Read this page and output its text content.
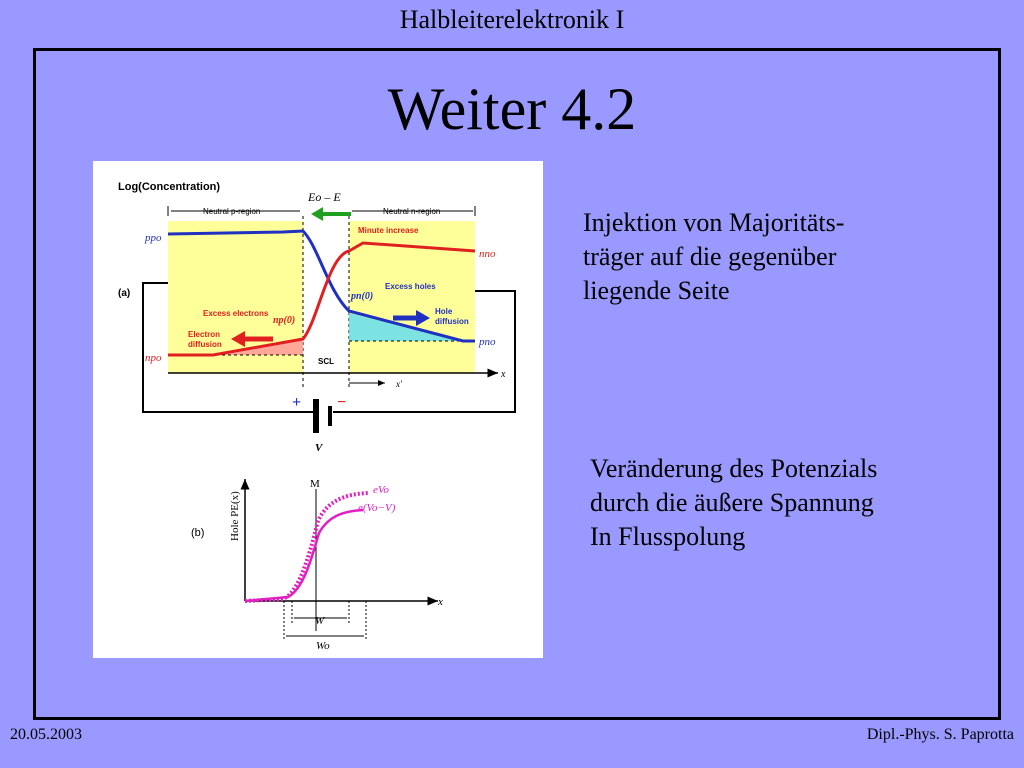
Halbleiterelektronik I
Weiter 4.2
(a)
Log(Concentration)
Eo – E
Neutral p-region	Neutral n-region
Minute increase
Excess electrons
Electron
diffusion
Excess holes
Hole
diffusion
ppo
npo
nno
pno
np(0)
pn(0)
SCL
x
x′
+ −
V
(b) Hole PE(x)
M	eVo
e(Vo−V)
x
W
Wo
Injektion von Majoritäts-
träger auf die gegenüber
liegende Seite
Veränderung des Potenzials
durch die äußere Spannung
In Flusspolung
20.05.2003	Dipl.-Phys. S. Paprotta
